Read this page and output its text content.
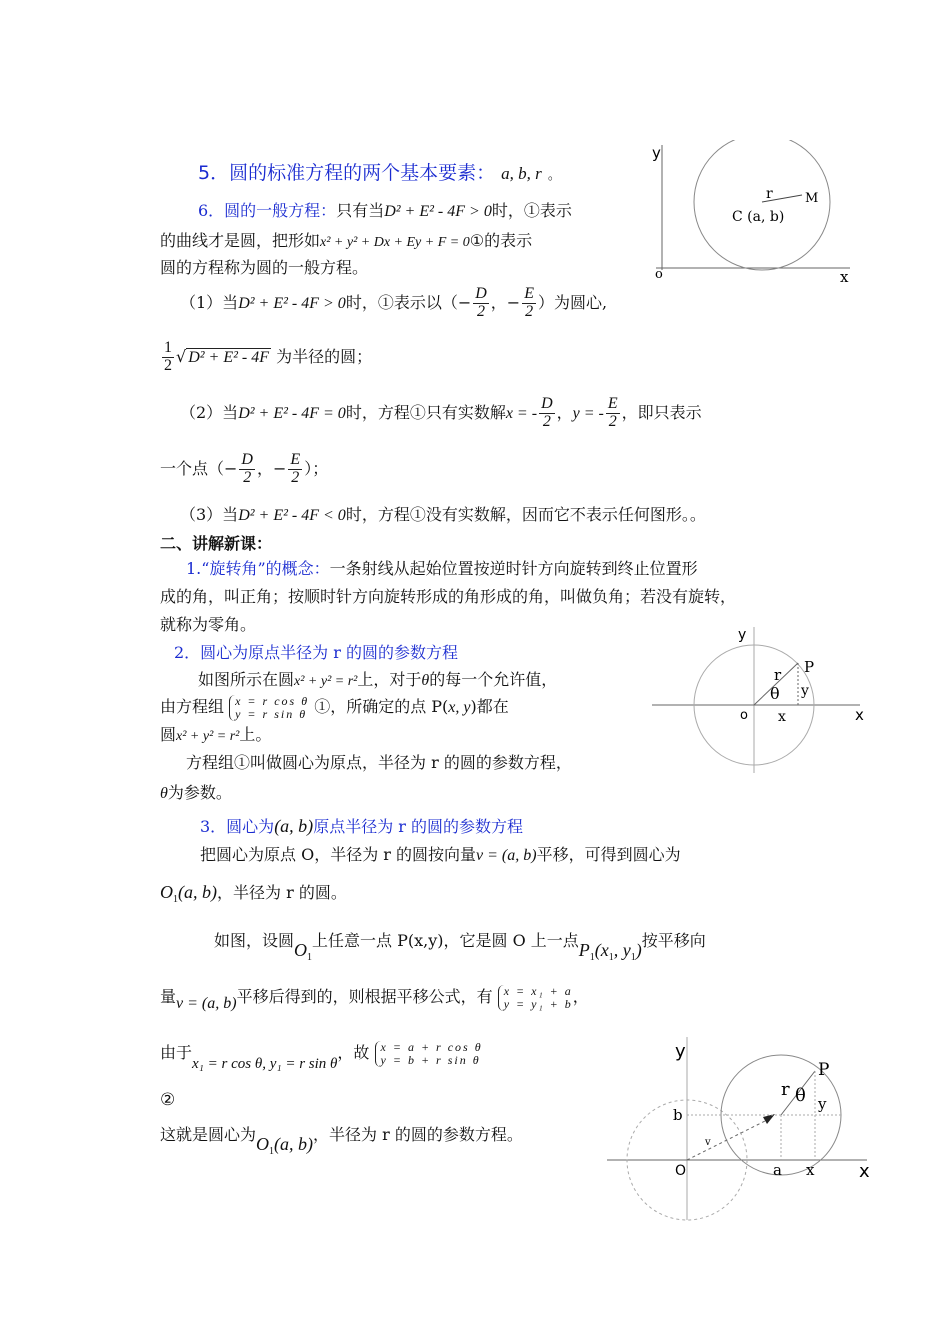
5．圆的标准方程的两个基本要素： a, b, r 。
6．圆的一般方程：只有当D² + E² - 4F > 0时，①表示
的曲线才是圆，把形如x² + y² + Dx + Ey + F = 0①的表示
圆的方程称为圆的一般方程。
（1）当D² + E² - 4F > 0时，①表示以（− $\frac{D}{2}$ ，− $\frac{E}{2}$ ）为圆心,
$\frac{1}{2}$ √ D² + E² - 4F 为半径的圆；
（2）当D² + E² - 4F = 0时，方程①只有实数解x = - $\frac{D}{2}$ ，y = - $\frac{E}{2}$ ，即只表示
一个点（− $\frac{D}{2}$ ，− $\frac{E}{2}$ ）；
（3）当D² + E² - 4F < 0时，方程①没有实数解，因而它不表示任何图形。。
二、讲解新课：
1.“旋转角”的概念：一条射线从起始位置按逆时针方向旋转到终止位置形
成的角，叫正角；按顺时针方向旋转形成的角形成的角，叫做负角；若没有旋转，
就称为零角。
2．圆心为原点半径为 r 的圆的参数方程
如图所示在圆x² + y² = r²上，对于θ的每一个允许值，
由方程组 x = r cos θ
y = r sin θ ①，所确定的点 P(x, y)都在
圆x² + y² = r²上。
方程组①叫做圆心为原点，半径为 r 的圆的参数方程，
θ为参数。
3．圆心为(a, b)原点半径为 r 的圆的参数方程
把圆心为原点 O，半径为 r 的圆按向量v = (a, b)平移，可得到圆心为
$O_1(a$, b)，半径为 r 的圆。
如图，设圆$O_1$上任意一点 P(x,y)，它是圆 O 上一点$P_1(x_1$, $y_1$)按平移向
量v = (a, b)平移后得到的，则根据平移公式，有 x = x₁ + a
y = y₁ + b ，
由于x₁ = r cos θ, y₁ = r sin θ，故 x = a + r cos θ
y = b + r sin θ
②
这就是圆心为$O_1(a$, b)，半径为 r 的圆的参数方程。
y
o	x
r M
C (a, b)
y
o	x
r P
θ y
x
y
O	x
b
a x
r
P
θ y
v
